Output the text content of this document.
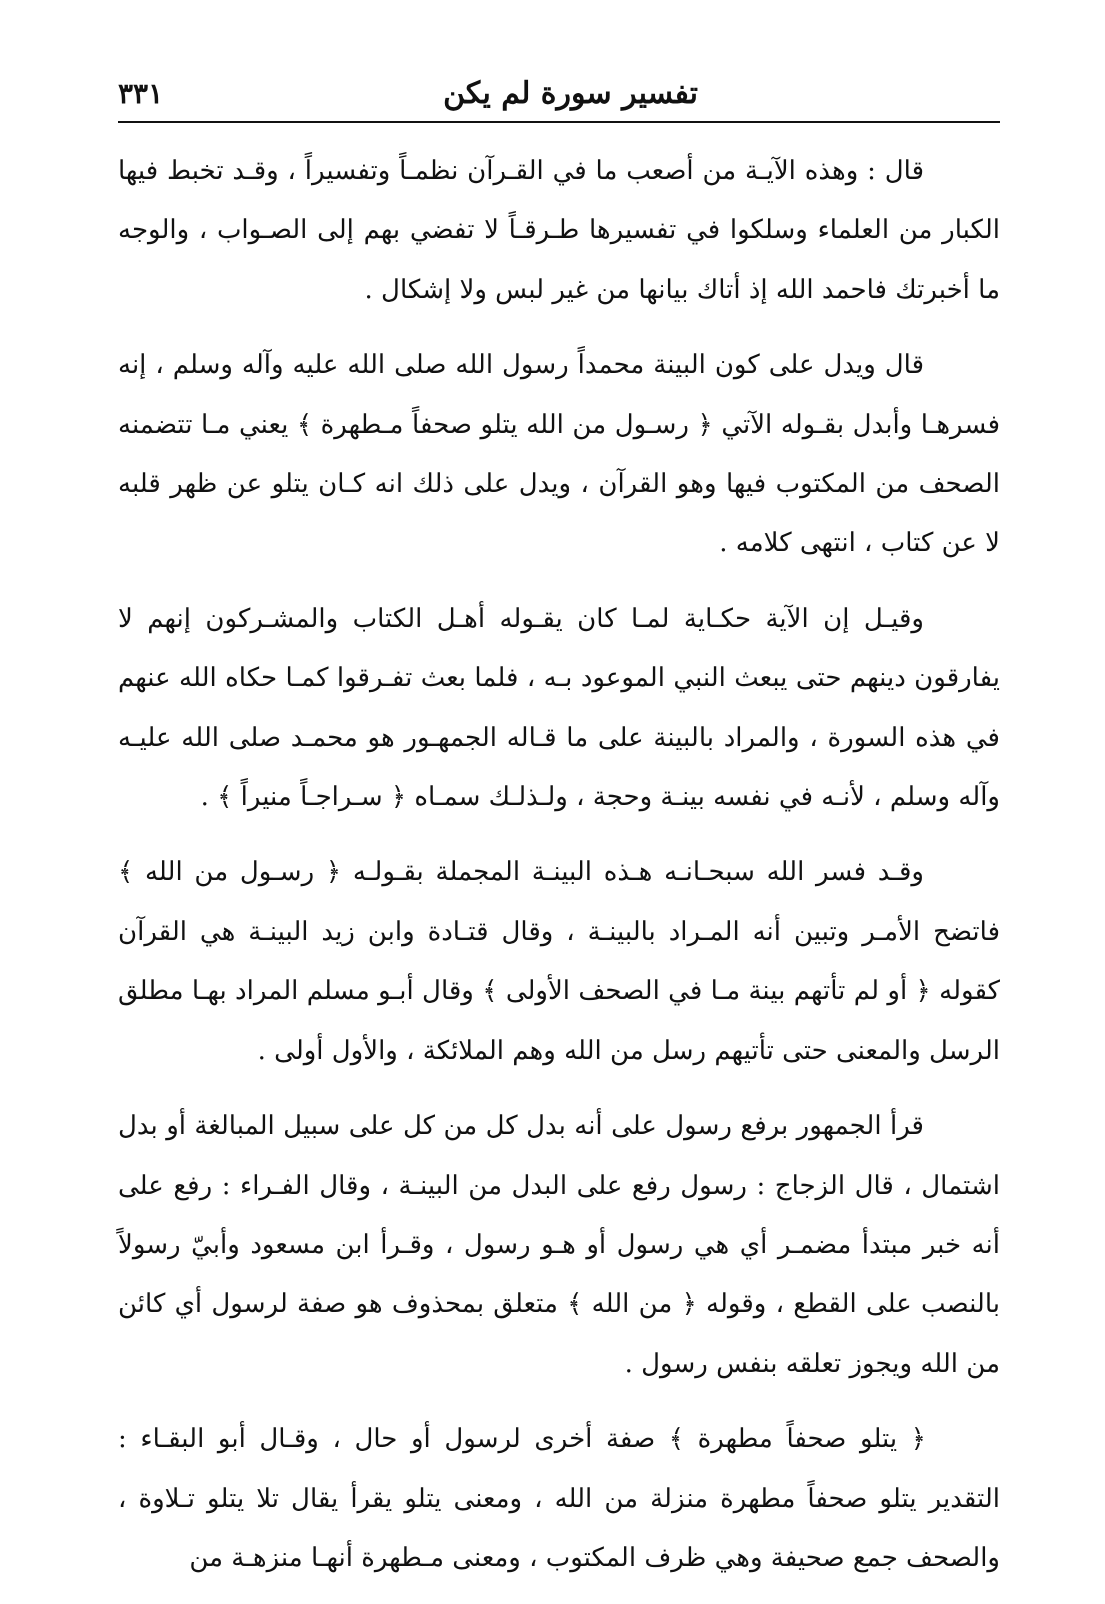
تفسير سورة لم يكن
٣٣١

قال : وهذه الآيـة من أصعب ما في القـرآن نظمـاً وتفسيراً ، وقـد تخبط فيها الكبار من العلماء وسلكوا في تفسيرها طـرقـاً لا تفضي بهم إلى الصـواب ، والوجه ما أخبرتك فاحمد الله إذ أتاك بيانها من غير لبس ولا إشكال .

قال ويدل على كون البينة محمداً رسول الله صلى الله عليه وآله وسلم ، إنه فسرهـا وأبدل بقـوله الآتي ﴿ رسـول من الله يتلو صحفاً مـطهرة ﴾ يعني مـا تتضمنه الصحف من المكتوب فيها وهو القرآن ، ويدل على ذلك انه كـان يتلو عن ظهر قلبه لا عن كتاب ، انتهى كلامه .

وقيـل إن الآية حكـاية لمـا كان يقـوله أهـل الكتاب والمشـركون إنهم لا يفارقون دينهم حتى يبعث النبي الموعود بـه ، فلما بعث تفـرقوا كمـا حكاه الله عنهم في هذه السورة ، والمراد بالبينة على ما قـاله الجمهـور هو محمـد صلى الله عليـه وآله وسلم ، لأنـه في نفسه بينـة وحجة ، ولـذلـك سمـاه ﴿ سـراجـاً منيراً ﴾ .

وقـد فسر الله سبحـانـه هـذه البينـة المجملة بقـولـه ﴿ رسـول من الله ﴾ فاتضح الأمـر وتبين أنه المـراد بالبينـة ، وقال قتـادة وابن زيد البينـة هي القرآن كقوله ﴿ أو لم تأتهم بينة مـا في الصحف الأولى ﴾ وقال أبـو مسلم المراد بهـا مطلق الرسل والمعنى حتى تأتيهم رسل من الله وهم الملائكة ، والأول أولى .

قرأ الجمهور برفع رسول على أنه بدل كل من كل على سبيل المبالغة أو بدل اشتمال ، قال الزجاج : رسول رفع على البدل من البينـة ، وقال الفـراء : رفع على أنه خبر مبتدأ مضمـر أي هي رسول أو هـو رسول ، وقـرأ ابن مسعود وأبيّ رسولاً بالنصب على القطع ، وقوله ﴿ من الله ﴾ متعلق بمحذوف هو صفة لرسول أي كائن من الله ويجوز تعلقه بنفس رسول .

﴿ يتلو صحفاً مطهرة ﴾ صفة أخرى لرسول أو حال ، وقـال أبو البقـاء : التقدير يتلو صحفاً مطهرة منزلة من الله ، ومعنى يتلو يقرأ يقال تلا يتلو تـلاوة ، والصحف جمع صحيفة وهي ظرف المكتوب ، ومعنى مـطهرة أنهـا منزهـة من
